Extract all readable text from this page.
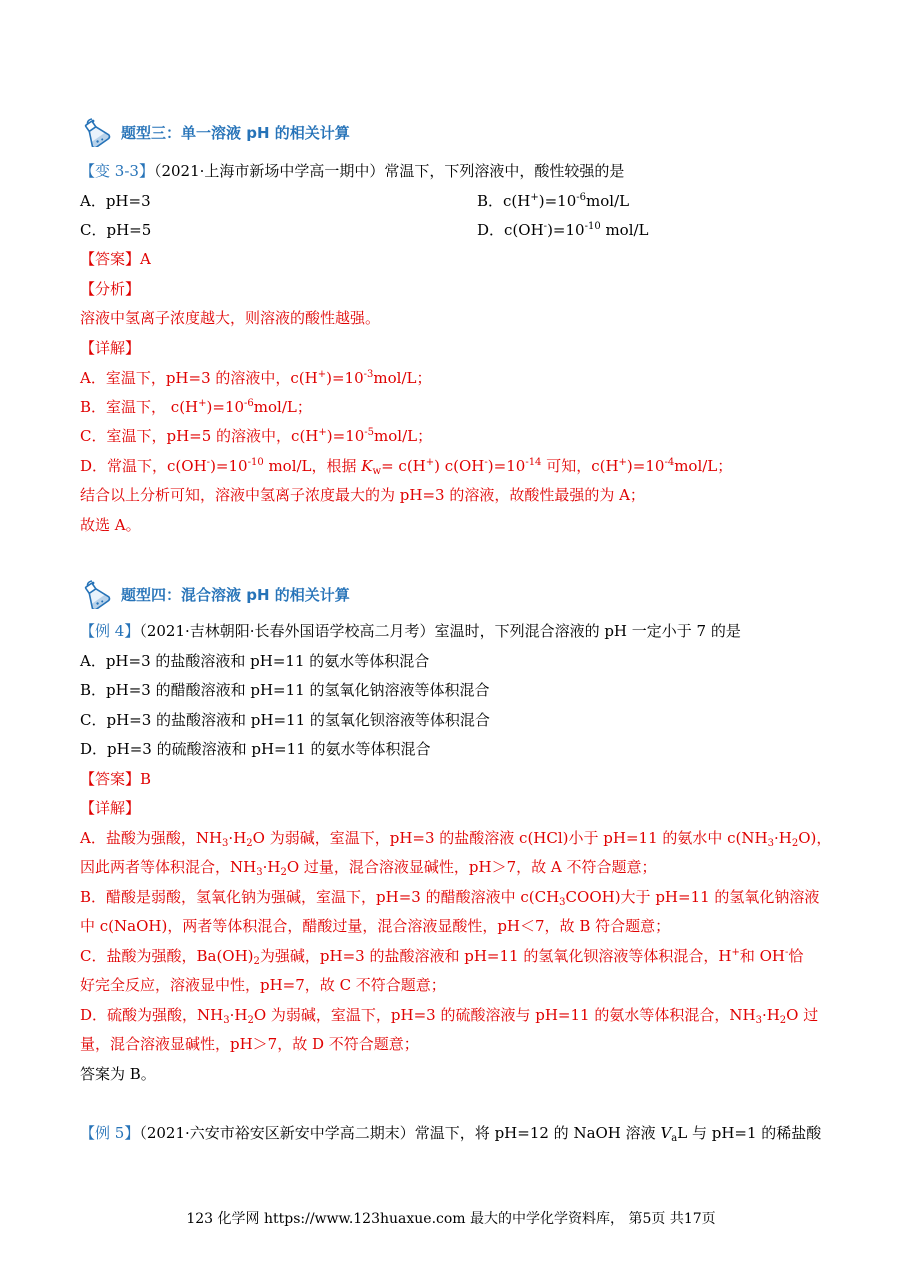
题型三：单一溶液 pH 的相关计算
【变 3-3】（2021·上海市新场中学高一期中）常温下，下列溶液中，酸性较强的是
A．pH=3	B．$c(H^+)=10^{-6}mol/L$
C．pH=5	D．$c(OH^-)=10^{-10}$ mol/L
【答案】A
【分析】
溶液中氢离子浓度越大，则溶液的酸性越强。
【详解】
A．室温下，pH=3 的溶液中，$c(H^+)=10^{-3}mol/L$；
B．室温下， $c(H^+)=10^{-6}mol/L$；
C．室温下，pH=5 的溶液中，$c(H^+)=10^{-5}mol/L$；
D．常温下，$c(OH^-)=10^{-10}$ mol/L，根据 $K_w= c(H^+)$ $c(OH^-)=10^{-14}$ 可知，$c(H^+)=10^{-4}mol/L$；
结合以上分析可知，溶液中氢离子浓度最大的为 pH=3 的溶液，故酸性最强的为 A；
故选 A。
题型四：混合溶液 pH 的相关计算
【例 4】（2021·吉林朝阳·长春外国语学校高二月考）室温时，下列混合溶液的 pH 一定小于 7 的是
A．pH=3 的盐酸溶液和 pH=11 的氨水等体积混合
B．pH=3 的醋酸溶液和 pH=11 的氢氧化钠溶液等体积混合
C．pH=3 的盐酸溶液和 pH=11 的氢氧化钡溶液等体积混合
D．pH=3 的硫酸溶液和 pH=11 的氨水等体积混合
【答案】B
【详解】
A．盐酸为强酸，$NH_3\cdot H_2O$ 为弱碱，室温下，pH=3 的盐酸溶液 c(HCl)小于 pH=11 的氨水中 $c(NH_3\cdot H_2O)$，
因此两者等体积混合，$NH_3\cdot H_2O$ 过量，混合溶液显碱性，pH＞7，故 A 不符合题意；
B．醋酸是弱酸，氢氧化钠为强碱，室温下，pH=3 的醋酸溶液中 $c(CH_3COOH)$大于 pH=11 的氢氧化钠溶液
中 c(NaOH)，两者等体积混合，醋酸过量，混合溶液显酸性，pH＜7，故 B 符合题意；
C．盐酸为强酸，$Ba(OH)_2$为强碱，pH=3 的盐酸溶液和 pH=11 的氢氧化钡溶液等体积混合，H+和 OH-恰
好完全反应，溶液显中性，pH=7，故 C 不符合题意；
D．硫酸为强酸，$NH_3\cdot H_2O$ 为弱碱，室温下，pH=3 的硫酸溶液与 pH=11 的氨水等体积混合，$NH_3\cdot H_2O$ 过
量，混合溶液显碱性，pH＞7，故 D 不符合题意；
答案为 B。
【例 5】（2021·六安市裕安区新安中学高二期末）常温下，将 pH=12 的 NaOH 溶液 $V_aL$ 与 pH=1 的稀盐酸
123 化学网 https://www.123huaxue.com 最大的中学化学资料库， 第5页 共17页
